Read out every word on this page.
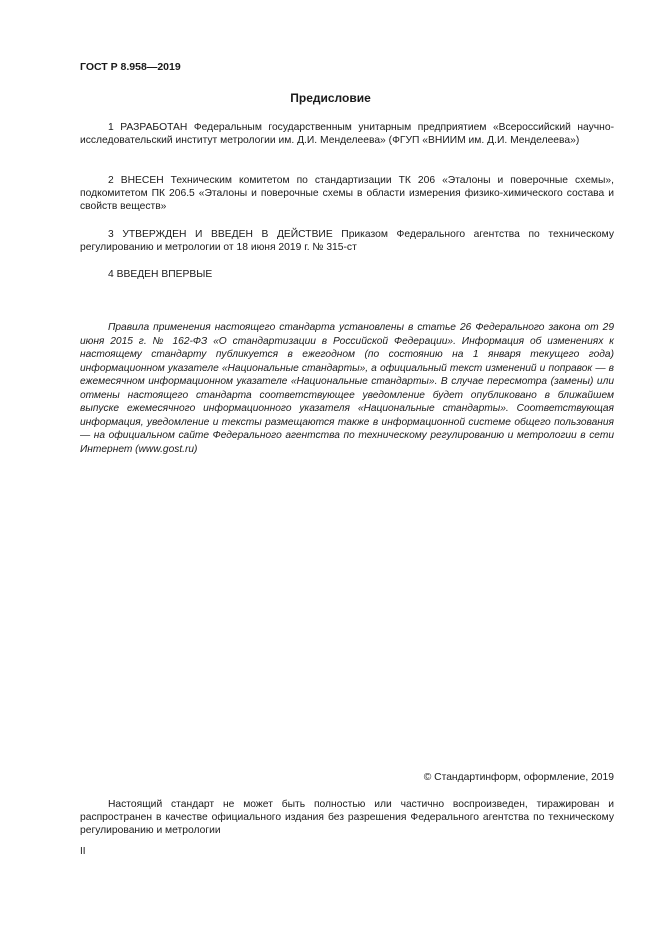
ГОСТ Р 8.958—2019
Предисловие

1 РАЗРАБОТАН Федеральным государственным унитарным предприятием «Всероссийский научно-исследовательский институт метрологии им. Д.И. Менделеева» (ФГУП «ВНИИМ им. Д.И. Менделеева»)

2 ВНЕСЕН Техническим комитетом по стандартизации ТК 206 «Эталоны и поверочные схемы», подкомитетом ПК 206.5 «Эталоны и поверочные схемы в области измерения физико-химического состава и свойств веществ»

3 УТВЕРЖДЕН И ВВЕДЕН В ДЕЙСТВИЕ Приказом Федерального агентства по техническому регулированию и метрологии от 18 июня 2019 г. № 315-ст

4 ВВЕДЕН ВПЕРВЫЕ

Правила применения настоящего стандарта установлены в статье 26 Федерального закона от 29 июня 2015 г. № 162-ФЗ «О стандартизации в Российской Федерации». Информация об изменениях к настоящему стандарту публикуется в ежегодном (по состоянию на 1 января текущего года) информационном указателе «Национальные стандарты», а официальный текст изменений и поправок — в ежемесячном информационном указателе «Национальные стандарты». В случае пересмотра (замены) или отмены настоящего стандарта соответствующее уведомление будет опубликовано в ближайшем выпуске ежемесячного информационного указателя «Национальные стандарты». Соответствующая информация, уведомление и тексты размещаются также в информационной системе общего пользования — на официальном сайте Федерального агентства по техническому регулированию и метрологии в сети Интернет (www.gost.ru)

© Стандартинформ, оформление, 2019

Настоящий стандарт не может быть полностью или частично воспроизведен, тиражирован и распространен в качестве официального издания без разрешения Федерального агентства по техническому регулированию и метрологии

II
